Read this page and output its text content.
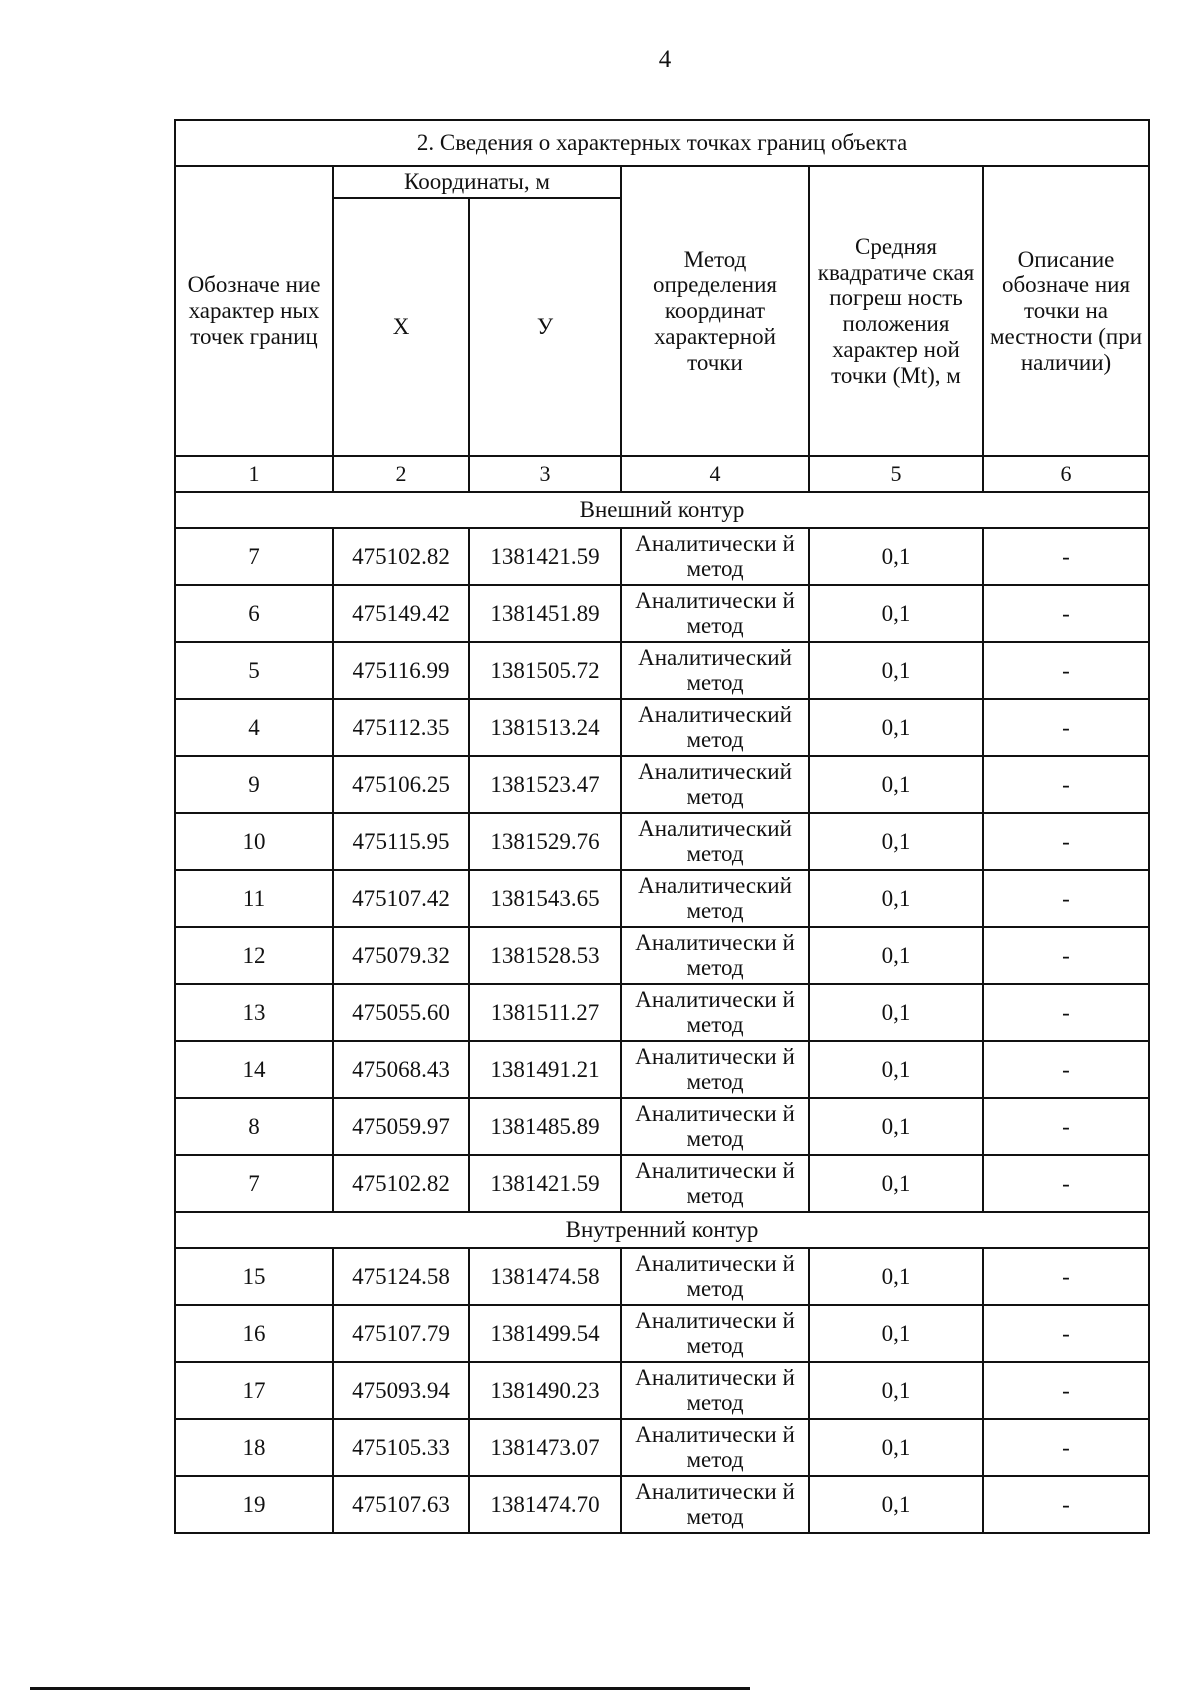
4
2. Сведения о характерных точках границ объекта					
Обозначе ние характер ных точек границ	Координаты, м		Метод определения координат характерной точки	Средняя квадратиче ская погреш ность положения характер ной точки (Mt), м	Описание обозначе ния точки на местности (при наличии)
	Х	У			
1	2	3	4	5	6
Внешний контур					
7	475102.82	1381421.59	Аналитически й метод	0,1	-
6	475149.42	1381451.89	Аналитически й метод	0,1	-
5	475116.99	1381505.72	Аналитический метод	0,1	-
4	475112.35	1381513.24	Аналитический метод	0,1	-
9	475106.25	1381523.47	Аналитический метод	0,1	-
10	475115.95	1381529.76	Аналитический метод	0,1	-
11	475107.42	1381543.65	Аналитический метод	0,1	-
12	475079.32	1381528.53	Аналитически й метод	0,1	-
13	475055.60	1381511.27	Аналитически й метод	0,1	-
14	475068.43	1381491.21	Аналитически й метод	0,1	-
8	475059.97	1381485.89	Аналитически й метод	0,1	-
7	475102.82	1381421.59	Аналитически й метод	0,1	-
Внутренний контур					
15	475124.58	1381474.58	Аналитически й метод	0,1	-
16	475107.79	1381499.54	Аналитически й метод	0,1	-
17	475093.94	1381490.23	Аналитически й метод	0,1	-
18	475105.33	1381473.07	Аналитически й метод	0,1	-
19	475107.63	1381474.70	Аналитически й метод	0,1	-
